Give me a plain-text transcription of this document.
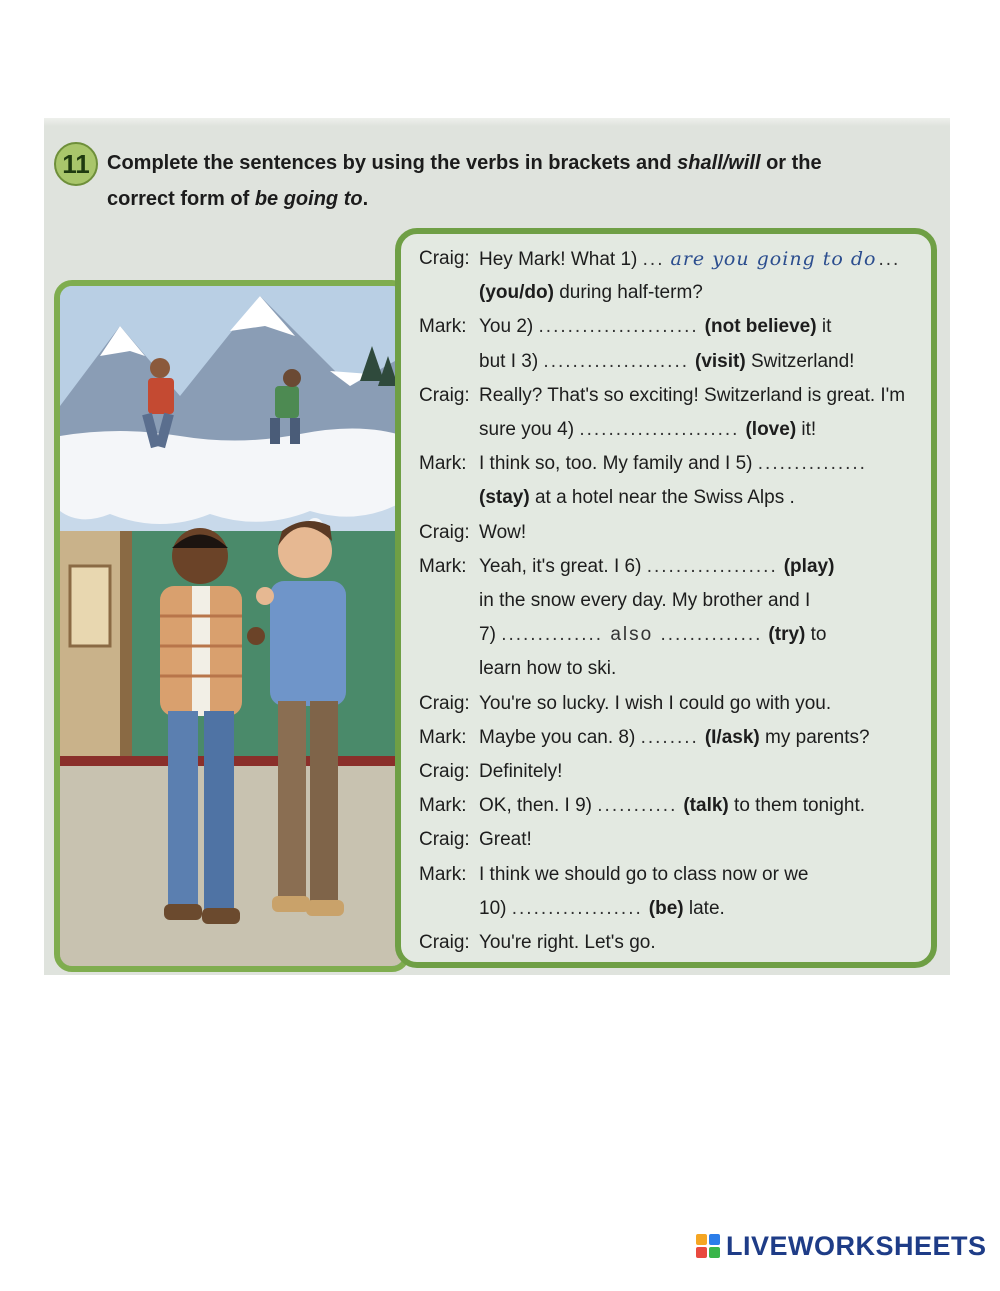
11 Complete the sentences by using the verbs in brackets and shall/will or the
correct form of be going to.
Craig: Hey Mark! What 1) ... are you going to do ...
(you/do) during half-term?
Mark: You 2) ...................... (not believe) it
but I 3) .................... (visit) Switzerland!
Craig: Really? That's so exciting! Switzerland is great. I'm
sure you 4) ...................... (love) it!
Mark: I think so, too. My family and I 5) ...............
(stay) at a hotel near the Swiss Alps .
Craig: Wow!
Mark: Yeah, it's great. I 6) .................. (play)
in the snow every day. My brother and I
7) .............. also .............. (try) to
learn how to ski.
Craig: You're so lucky. I wish I could go with you.
Mark: Maybe you can. 8) ........ (I/ask) my parents?
Craig: Definitely!
Mark: OK, then. I 9) ........... (talk) to them tonight.
Craig: Great!
Mark: I think we should go to class now or we
10) .................. (be) late.
Craig: You're right. Let's go.
LIVEWORKSHEETS
